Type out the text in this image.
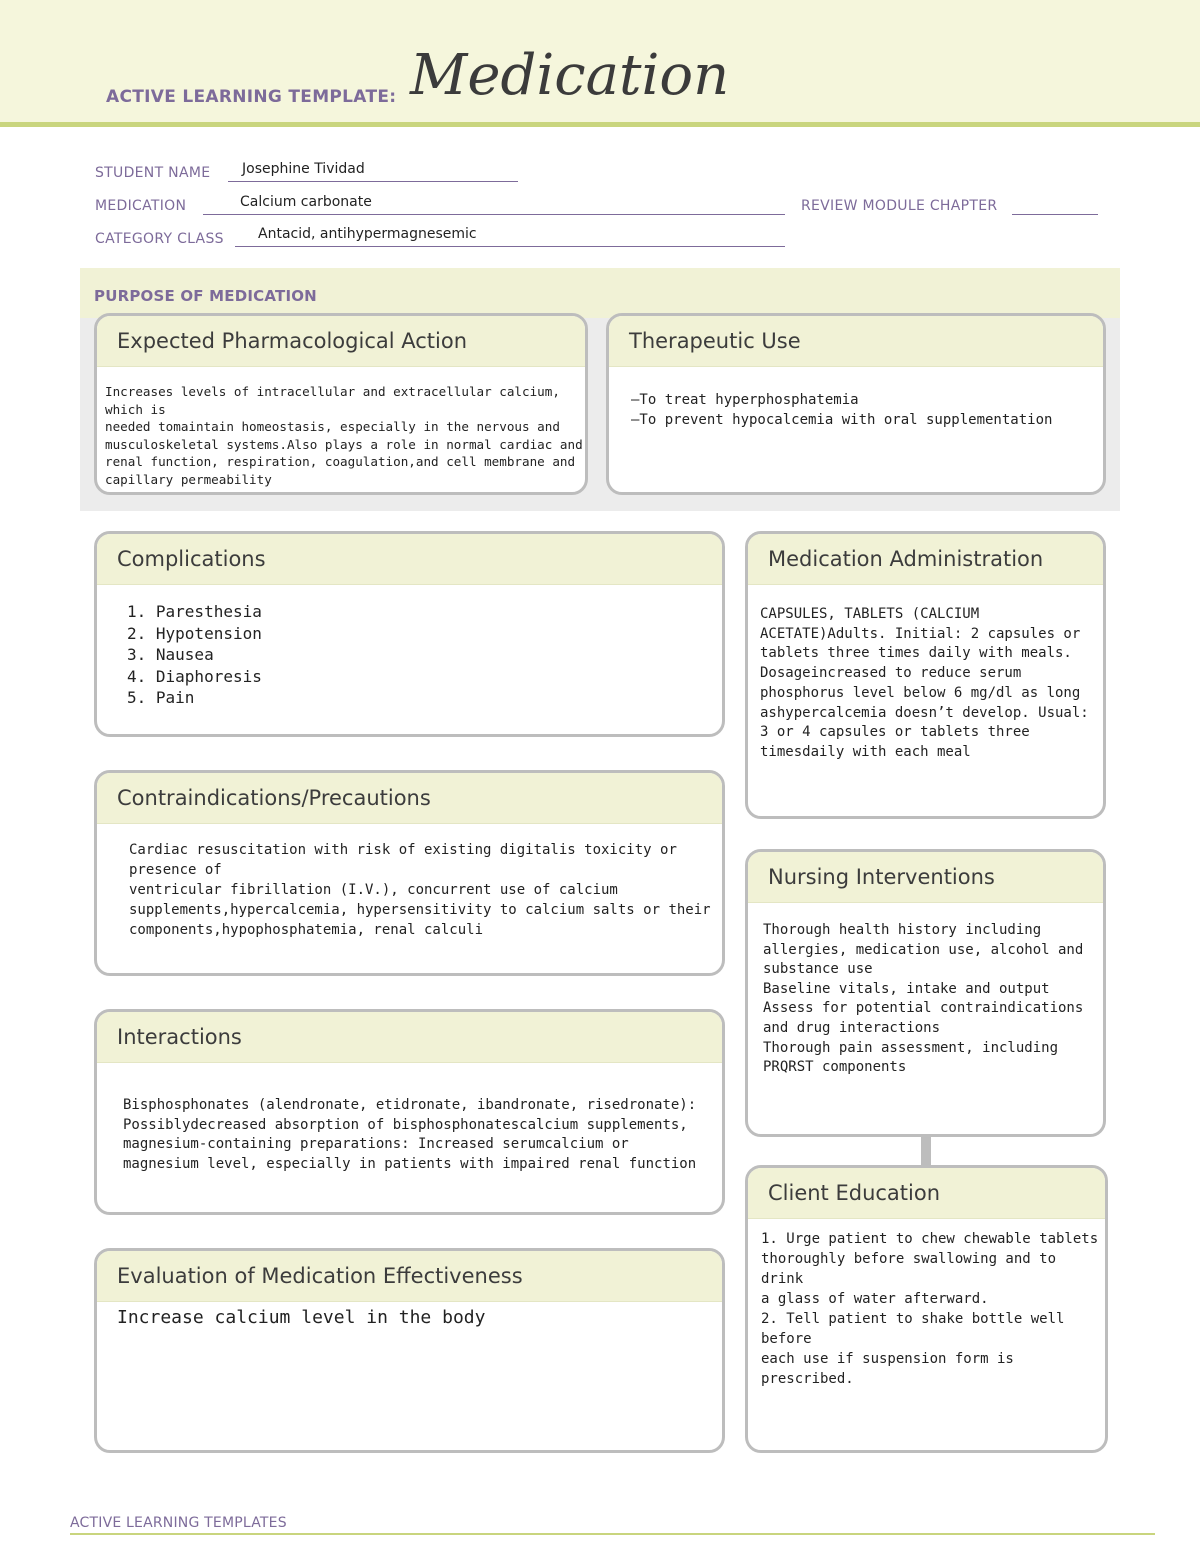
ACTIVE LEARNING TEMPLATE: Medication
STUDENT NAME Josephine Tividad
MEDICATION	Calcium carbonate	REVIEW MODULE CHAPTER
CATEGORY CLASS Antacid, antihypermagnesemic
PURPOSE OF MEDICATION
Expected Pharmacological Action
Increases levels of intracellular and extracellular calcium, which is
needed tomaintain homeostasis, especially in the nervous and
musculoskeletal systems.Also plays a role in normal cardiac and
renal function, respiration, coagulation,and cell membrane and
capillary permeability
Therapeutic Use
—To treat hyperphosphatemia
—To prevent hypocalcemia with oral supplementation
Complications
1. Paresthesia
2. Hypotension
3. Nausea
4. Diaphoresis
5. Pain
Contraindications/Precautions
Cardiac resuscitation with risk of existing digitalis toxicity or presence of
ventricular fibrillation (I.V.), concurrent use of calcium
supplements,hypercalcemia, hypersensitivity to calcium salts or their
components,hypophosphatemia, renal calculi
Interactions
Bisphosphonates (alendronate, etidronate, ibandronate, risedronate):
Possiblydecreased absorption of bisphosphonatescalcium supplements,
magnesium-containing preparations: Increased serumcalcium or
magnesium level, especially in patients with impaired renal function
Evaluation of Medication Effectiveness
Increase calcium level in the body
Medication Administration
CAPSULES, TABLETS (CALCIUM
ACETATE)Adults. Initial: 2 capsules or
tablets three times daily with meals.
Dosageincreased to reduce serum
phosphorus level below 6 mg/dl as long
ashypercalcemia doesn’t develop. Usual:
3 or 4 capsules or tablets three
timesdaily with each meal
Nursing Interventions
Thorough health history including
allergies, medication use, alcohol and
substance use
Baseline vitals, intake and output
Assess for potential contraindications
and drug interactions
Thorough pain assessment, including
PRQRST components
Client Education
1. Urge patient to chew chewable tablets
thoroughly before swallowing and to drink
a glass of water afterward.
2. Tell patient to shake bottle well before
each use if suspension form is prescribed.
ACTIVE LEARNING TEMPLATES
